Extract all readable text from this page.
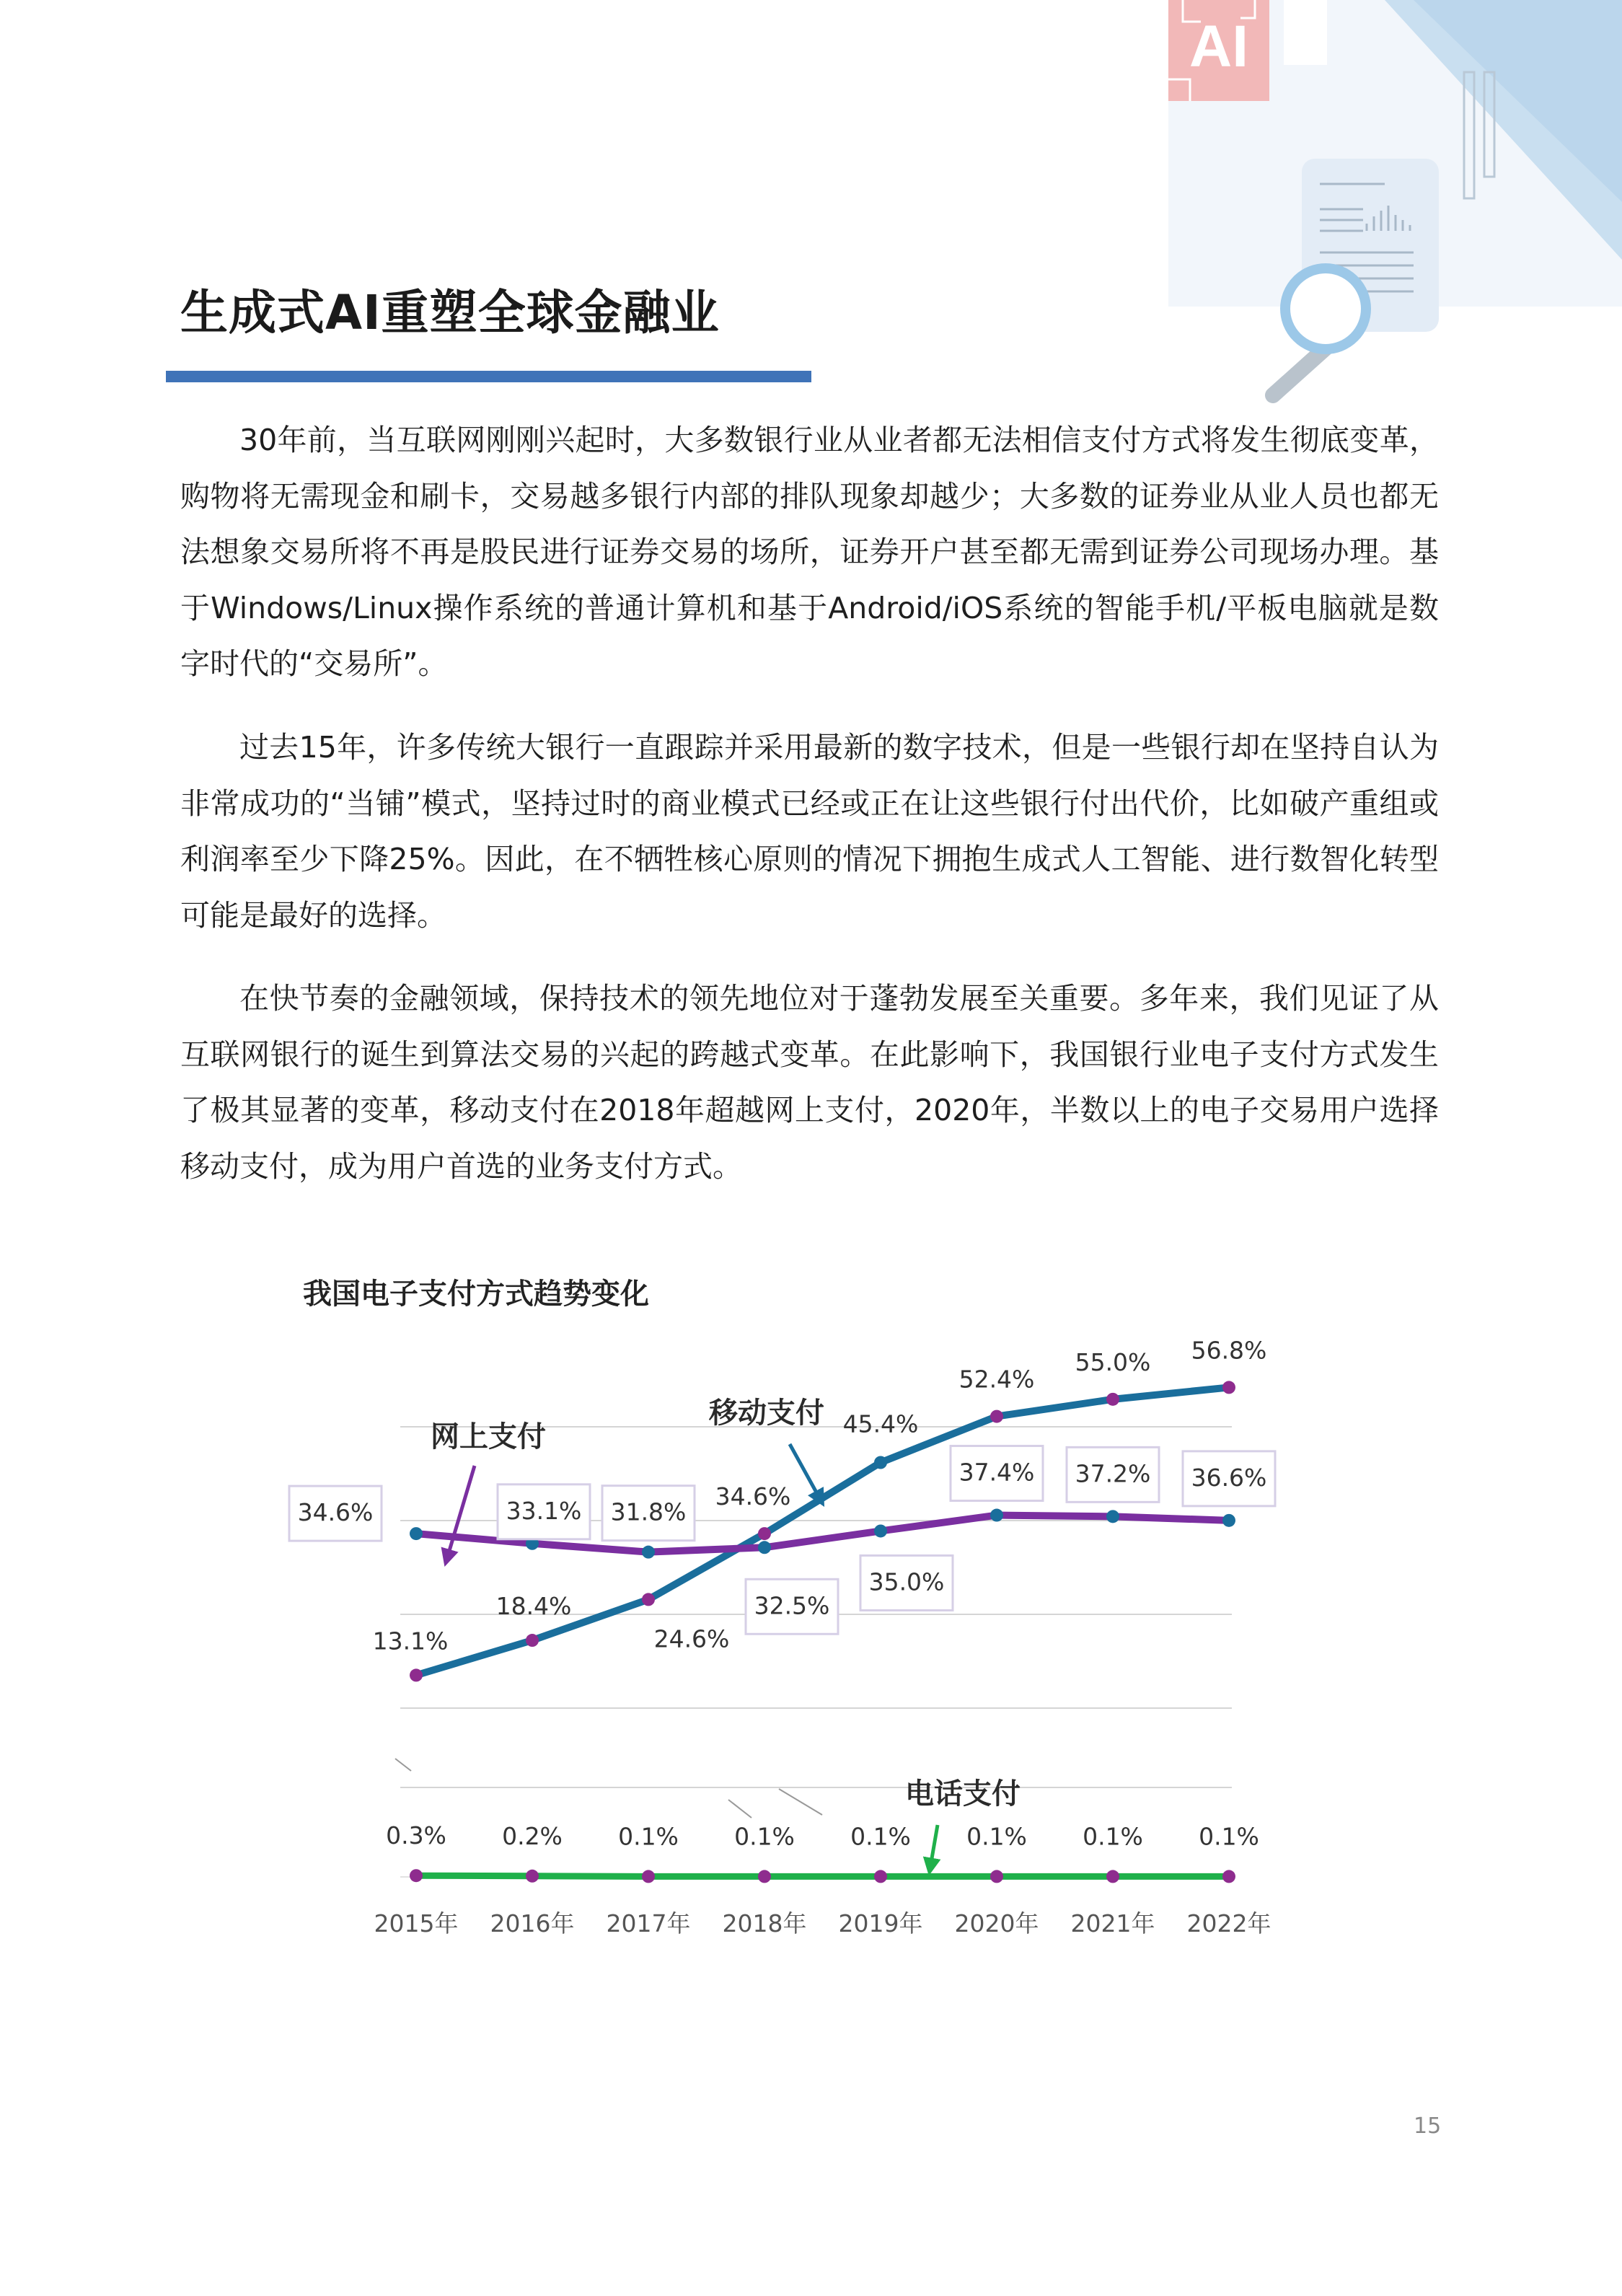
AI
生成式AI重塑全球金融业

30年前，当互联网刚刚兴起时，大多数银行业从业者都无法相信支付方式将发生彻底变革，购物将无需现金和刷卡，交易越多银行内部的排队现象却越少；大多数的证券业从业人员也都无法想象交易所将不再是股民进行证券交易的场所，证券开户甚至都无需到证券公司现场办理。基于Windows/Linux操作系统的普通计算机和基于Android/iOS系统的智能手机/平板电脑就是数字时代的“交易所”。

过去15年，许多传统大银行一直跟踪并采用最新的数字技术，但是一些银行却在坚持自认为非常成功的“当铺”模式，坚持过时的商业模式已经或正在让这些银行付出代价，比如破产重组或利润率至少下降25%。因此，在不牺牲核心原则的情况下拥抱生成式人工智能、进行数智化转型可能是最好的选择。

在快节奏的金融领域，保持技术的领先地位对于蓬勃发展至关重要。多年来，我们见证了从互联网银行的诞生到算法交易的兴起的跨越式变革。在此影响下，我国银行业电子支付方式发生了极其显著的变革，移动支付在2018年超越网上支付，2020年，半数以上的电子交易用户选择移动支付，成为用户首选的业务支付方式。

我国电子支付方式趋势变化
移动支付
网上支付
电话支付
13.1%
18.4%
24.6%
34.6%
45.4%
52.4%
55.0% 56.8%
34.6%	33.1% 31.8%
32.5%
35.0%
37.4% 37.2% 36.6%
0.3% 0.2% 0.1% 0.1% 0.1% 0.1% 0.1% 0.1%
2015年 2016年 2017年 2018年 2019年 2020年 2021年 2022年
15
